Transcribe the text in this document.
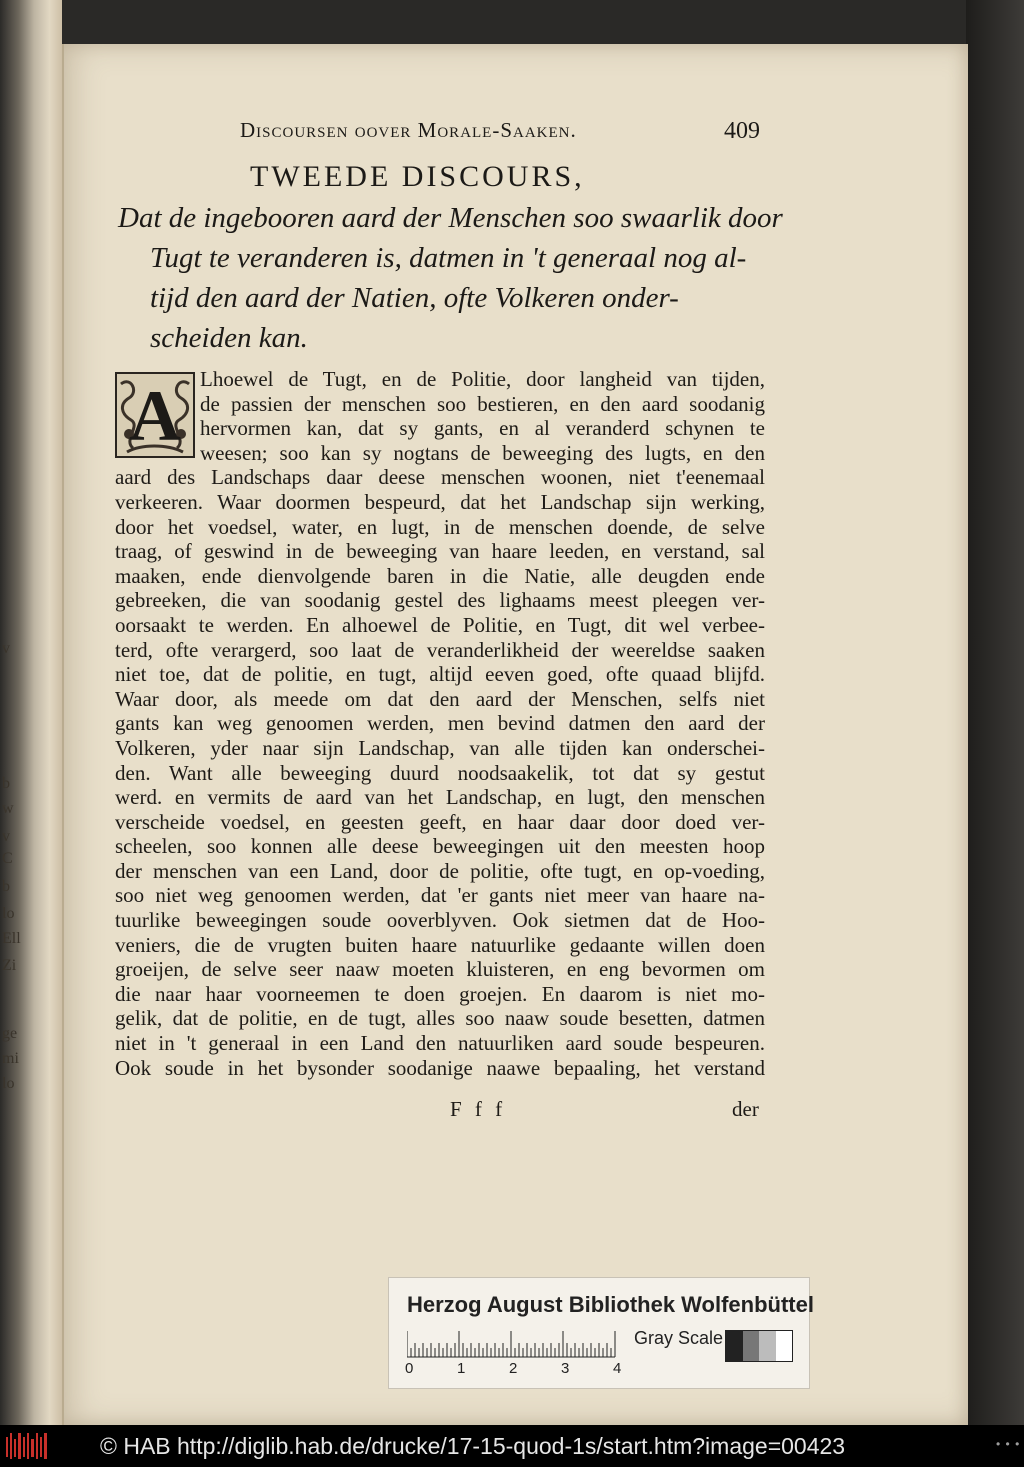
v
b
w
v
C
b
lo
Ell
Zi
ge
mi
lo
Discoursen oover Morale-Saaken.	409
TWEEDE DISCOURS,
Dat de ingebooren aard der Menschen soo swaarlik door
Tugt te veranderen is, datmen in 't generaal nog al-
tijd den aard der Natien, ofte Volkeren onder-
scheiden kan.
A Lhoewel de Tugt, en de Politie, door langheid van tijden,
de passien der menschen soo bestieren, en den aard soodanig
hervormen kan, dat sy gants, en al veranderd schynen te
weesen; soo kan sy nogtans de beweeging des lugts, en den
aard des Landschaps daar deese menschen woonen, niet t'eenemaal
verkeeren. Waar doormen bespeurd, dat het Landschap sijn werking,
door het voedsel, water, en lugt, in de menschen doende, de selve
traag, of geswind in de beweeging van haare leeden, en verstand, sal
maaken, ende dienvolgende baren in die Natie, alle deugden ende
gebreeken, die van soodanig gestel des lighaams meest pleegen ver-
oorsaakt te werden. En alhoewel de Politie, en Tugt, dit wel verbee-
terd, ofte verargerd, soo laat de veranderlikheid der weereldse saaken
niet toe, dat de politie, en tugt, altijd eeven goed, ofte quaad blijfd.
Waar door, als meede om dat den aard der Menschen, selfs niet
gants kan weg genoomen werden, men bevind datmen den aard der
Volkeren, yder naar sijn Landschap, van alle tijden kan onderschei-
den. Want alle beweeging duurd noodsaakelik, tot dat sy gestut
werd. en vermits de aard van het Landschap, en lugt, den menschen
verscheide voedsel, en geesten geeft, en haar daar door doed ver-
scheelen, soo konnen alle deese beweegingen uit den meesten hoop
der menschen van een Land, door de politie, ofte tugt, en op-voeding,
soo niet weg genoomen werden, dat 'er gants niet meer van haare na-
tuurlike beweegingen soude ooverblyven. Ook sietmen dat de Hoo-
veniers, die de vrugten buiten haare natuurlike gedaante willen doen
groeijen, de selve seer naaw moeten kluisteren, en eng bevormen om
die naar haar voorneemen te doen groejen. En daarom is niet mo-
gelik, dat de politie, en de tugt, alles soo naaw soude besetten, datmen
niet in 't generaal in een Land den natuurliken aard soude bespeuren.
Ook soude in het bysonder soodanige naawe bepaaling, het verstand
F f f	der
Herzog August Bibliothek Wolfenbüttel
0	1	2	3	4
Gray Scale
© HAB http://diglib.hab.de/drucke/17-15-quod-1s/start.htm?image=00423	• • •
